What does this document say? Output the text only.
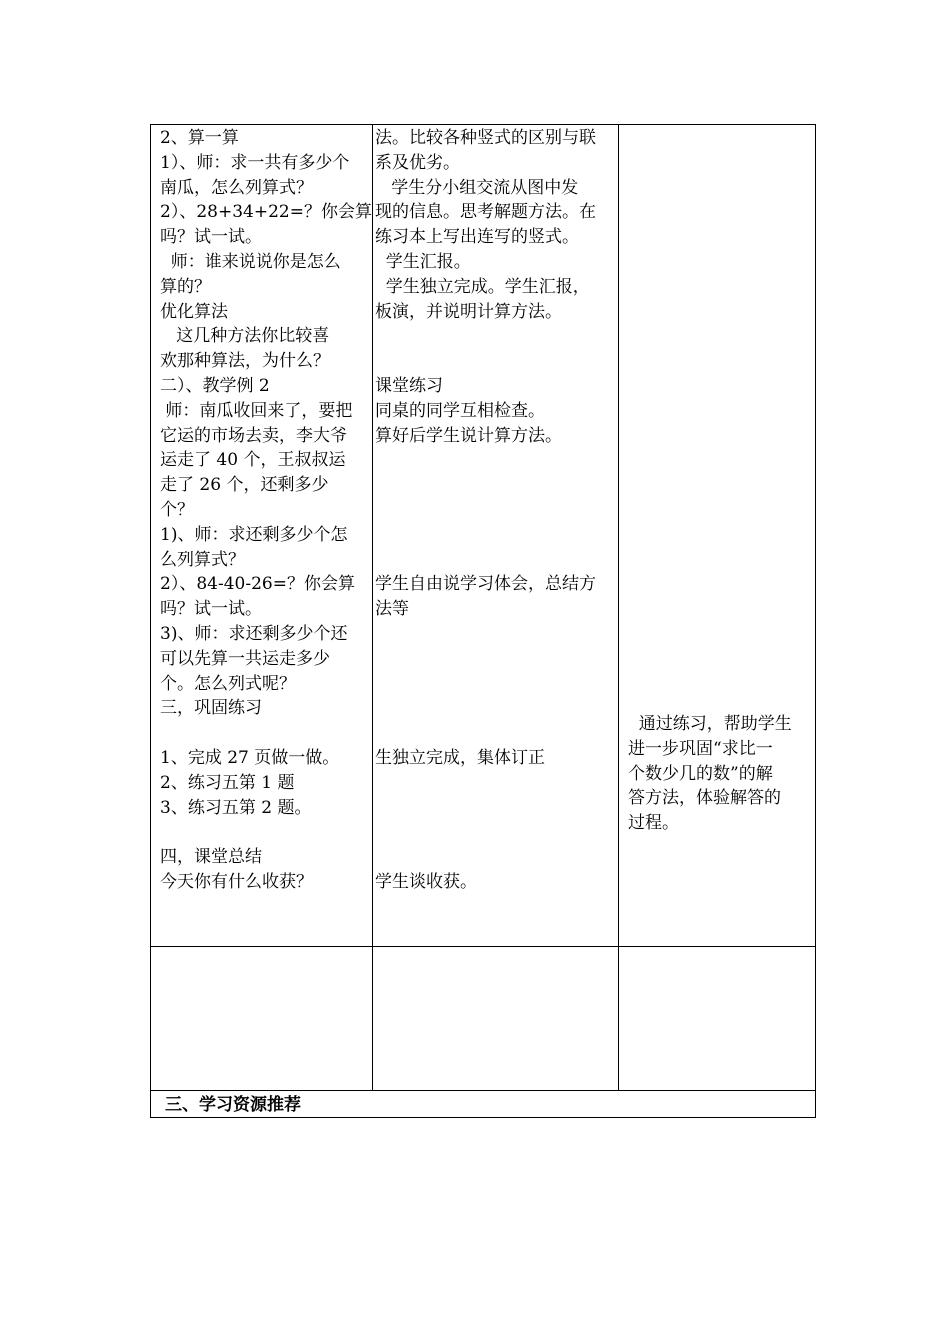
2、算一算
1）、师：求一共有多少个
南瓜，怎么列算式？
2）、28+34+22=？你会算
吗？试一试。
师：谁来说说你是怎么
算的？
优化算法
这几种方法你比较喜
欢那种算法，为什么？
二）、教学例 2
师：南瓜收回来了，要把
它运的市场去卖，李大爷
运走了 40 个，王叔叔运
走了 26 个，还剩多少
个？
1)、师：求还剩多少个怎
么列算式？
2）、84-40-26=？你会算
吗？试一试。
3)、师：求还剩多少个还
可以先算一共运走多少
个。怎么列式呢？
三，巩固练习
1、完成 27 页做一做。
2、练习五第 1 题
3、练习五第 2 题。
四，课堂总结
今天你有什么收获？
法。比较各种竖式的区别与联
系及优劣。
学生分小组交流从图中发
现的信息。思考解题方法。在
练习本上写出连写的竖式。
学生汇报。
学生独立完成。学生汇报，
板演，并说明计算方法。
课堂练习
同桌的同学互相检查。
算好后学生说计算方法。
学生自由说学习体会，总结方
法等
生独立完成，集体订正
学生谈收获。
通过练习，帮助学生
进一步巩固“求比一
个数少几的数”的解
答方法，体验解答的
过程。
三、学习资源推荐
